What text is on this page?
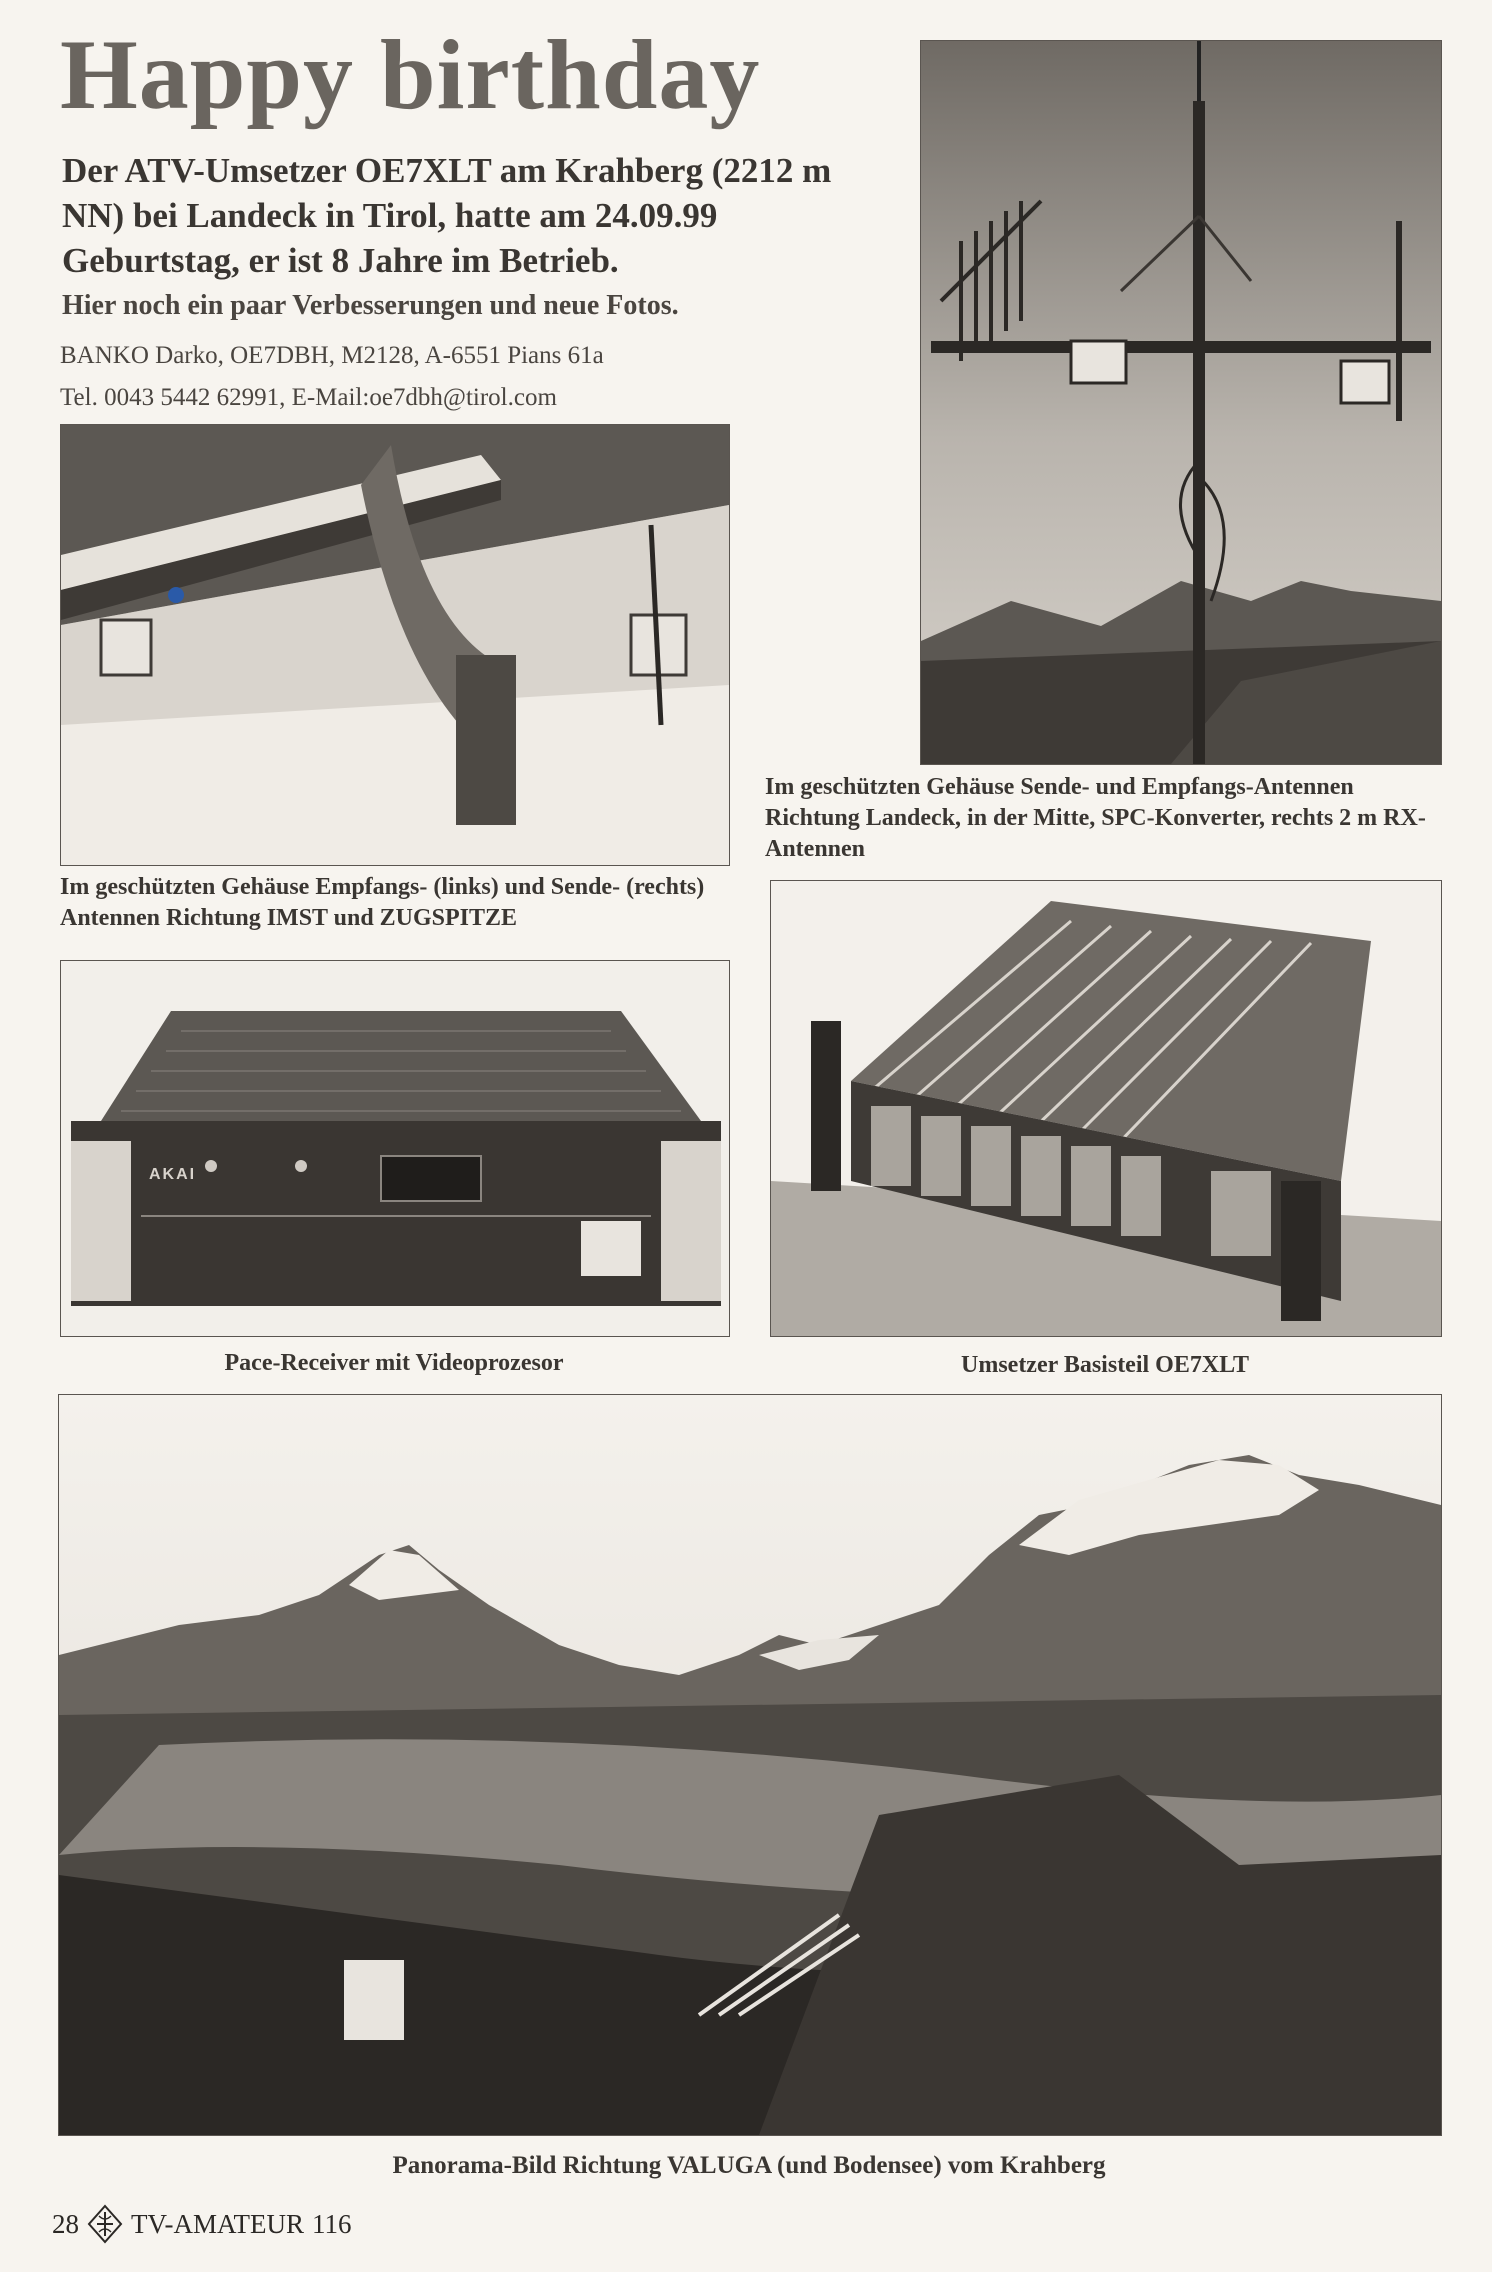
Happy birthday
Der ATV-Umsetzer OE7XLT am Krahberg (2212 m NN) bei Landeck in Tirol, hatte am 24.09.99 Geburtstag, er ist 8 Jahre im Betrieb.
Hier noch ein paar Verbesserungen und neue Fotos.
BANKO Darko, OE7DBH, M2128, A-6551 Pians 61a
Tel. 0043 5442 62991, E-Mail:oe7dbh@tirol.com
Im geschützten Gehäuse Sende- und Empfangs-Antennen Richtung Landeck, in der Mitte, SPC-Konverter, rechts 2 m RX-Antennen
Im geschützten Gehäuse Empfangs- (links) und Sende- (rechts) Antennen Richtung IMST und ZUGSPITZE
AKAI
Pace-Receiver mit Videoprozesor	Umsetzer Basisteil OE7XLT
Panorama-Bild Richtung VALUGA (und Bodensee) vom Krahberg
28 TV-AMATEUR 116
